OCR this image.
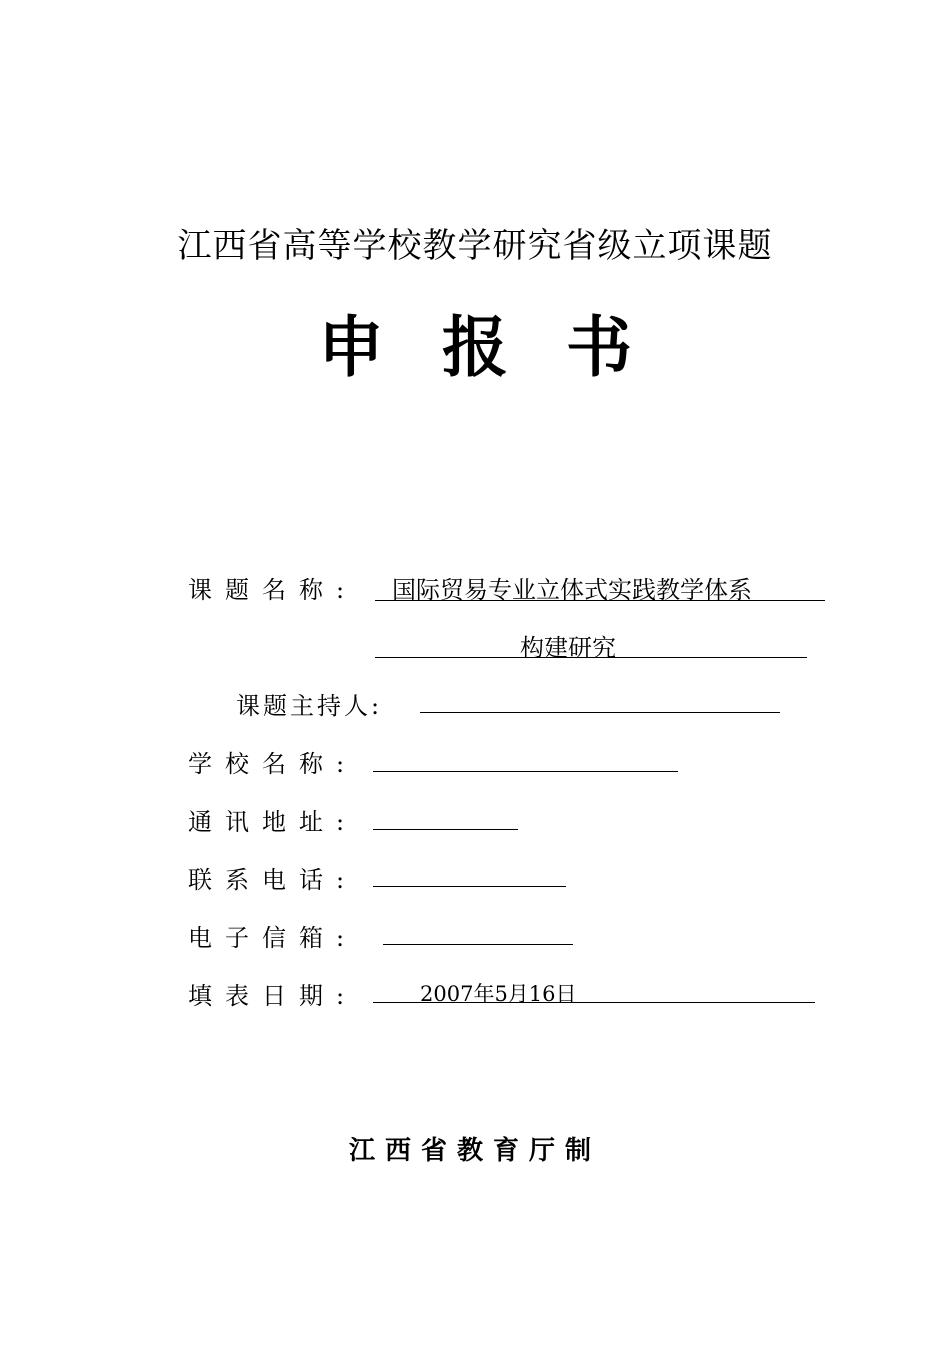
江西省高等学校教学研究省级立项课题
申报书
课题名称: 国际贸易专业立体式实践教学体系
构建研究
课题主持人:
学校名称:
通讯地址:
联系电话:
电子信箱:
填表日期:	2007年5月16日
江西省教育厅制
